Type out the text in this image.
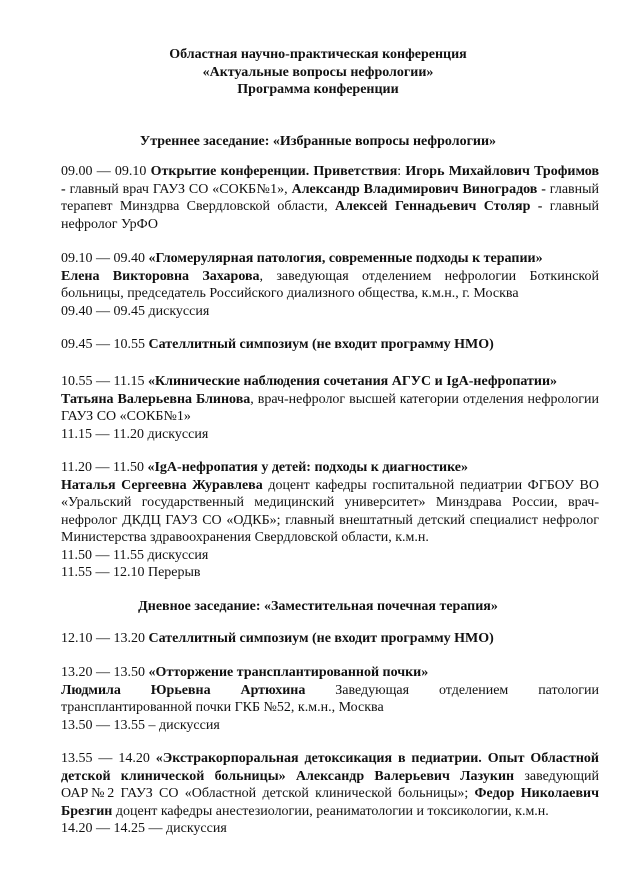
Областная научно-практическая конференция
«Актуальные вопросы нефрологии»
Программа конференции
Утреннее заседание: «Избранные вопросы нефрологии»
09.00 — 09.10 Открытие конференции. Приветствия: Игорь Михайлович Трофимов - главный врач ГАУЗ СО «СОКБ№1», Александр Владимирович Виноградов - главный терапевт Минздрва Свердловской области, Алексей Геннадьевич Столяр - главный нефролог УрФО
09.10 — 09.40 «Гломерулярная патология, современные подходы к терапии»
Елена Викторовна Захарова, заведующая отделением нефрологии Боткинской больницы, председатель Российского диализного общества, к.м.н., г. Москва
09.40 — 09.45 дискуссия
09.45 — 10.55 Сателлитный симпозиум (не входит программу НМО)
10.55 — 11.15 «Клинические наблюдения сочетания АГУС и IgA-нефропатии»
Татьяна Валерьевна Блинова, врач-нефролог высшей категории отделения нефрологии ГАУЗ СО «СОКБ№1»
11.15 — 11.20 дискуссия
11.20 — 11.50 «IgA-нефропатия у детей: подходы к диагностике»
Наталья Сергеевна Журавлева доцент кафедры госпитальной педиатрии ФГБОУ ВО «Уральский государственный медицинский университет» Минздрава России, врач-нефролог ДКДЦ ГАУЗ СО «ОДКБ»; главный внештатный детский специалист нефролог Министерства здравоохранения Свердловской области, к.м.н.
11.50 — 11.55 дискуссия
11.55 — 12.10 Перерыв
Дневное заседание: «Заместительная почечная терапия»
12.10 — 13.20 Сателлитный симпозиум (не входит программу НМО)
13.20 — 13.50 «Отторжение трансплантированной почки»
Людмила Юрьевна Артюхина Заведующая отделением патологии
трансплантированной почки ГКБ №52, к.м.н., Москва
13.50 — 13.55 – дискуссия
13.55 — 14.20 «Экстракорпоральная детоксикация в педиатрии. Опыт Областной детской клинической больницы» Александр Валерьевич Лазукин заведующий ОАР№2 ГАУЗ СО «Областной детской клинической больницы»; Федор Николаевич Брезгин доцент кафедры анестезиологии, реаниматологии и токсикологии, к.м.н.
14.20 — 14.25 — дискуссия
